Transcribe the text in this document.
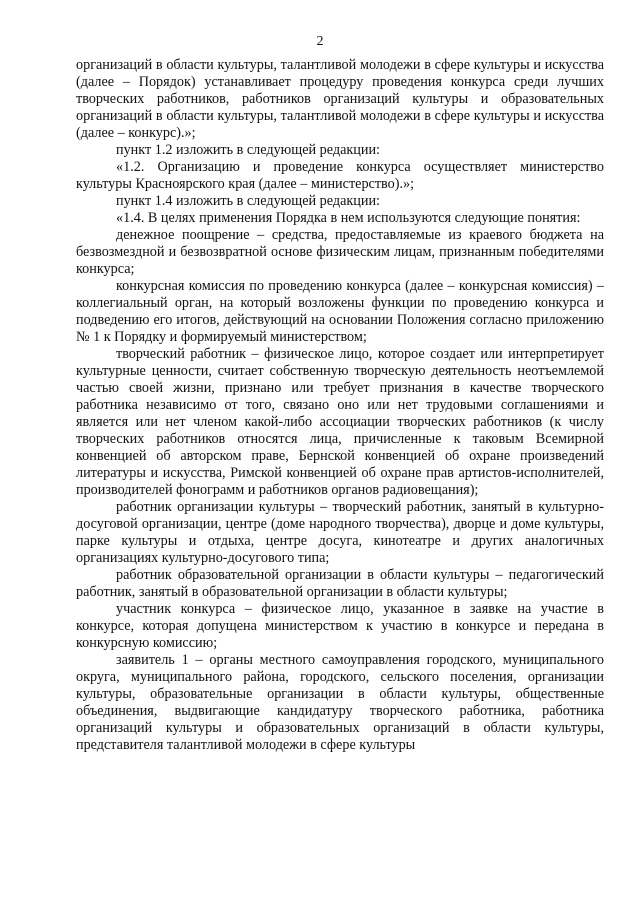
2

организаций в области культуры, талантливой молодежи в сфере культуры и искусства (далее – Порядок) устанавливает процедуру проведения конкурса среди лучших творческих работников, работников организаций культуры и образовательных организаций в области культуры, талантливой молодежи в сфере культуры и искусства (далее – конкурс).»;

пункт 1.2 изложить в следующей редакции:

«1.2. Организацию и проведение конкурса осуществляет министерство культуры Красноярского края (далее – министерство).»;

пункт 1.4 изложить в следующей редакции:

«1.4. В целях применения Порядка в нем используются следующие понятия:

денежное поощрение – средства, предоставляемые из краевого бюджета на безвозмездной и безвозвратной основе физическим лицам, признанным победителями конкурса;

конкурсная комиссия по проведению конкурса (далее – конкурсная комиссия) – коллегиальный орган, на который возложены функции по проведению конкурса и подведению его итогов, действующий на основании Положения согласно приложению № 1 к Порядку и формируемый министерством;

творческий работник – физическое лицо, которое создает или интерпретирует культурные ценности, считает собственную творческую деятельность неотъемлемой частью своей жизни, признано или требует признания в качестве творческого работника независимо от того, связано оно или нет трудовыми соглашениями и является или нет членом какой-либо ассоциации творческих работников (к числу творческих работников относятся лица, причисленные к таковым Всемирной конвенцией об авторском праве, Бернской конвенцией об охране произведений литературы и искусства, Римской конвенцией об охране прав артистов-исполнителей, производителей фонограмм и работников органов радиовещания);

работник организации культуры – творческий работник, занятый в культурно-досуговой организации, центре (доме народного творчества), дворце и доме культуры, парке культуры и отдыха, центре досуга, кинотеатре и других аналогичных организациях культурно-досугового типа;

работник образовательной организации в области культуры – педагогический работник, занятый в образовательной организации в области культуры;

участник конкурса – физическое лицо, указанное в заявке на участие в конкурсе, которая допущена министерством к участию в конкурсе и передана в конкурсную комиссию;

заявитель 1 – органы местного самоуправления городского, муниципального округа, муниципального района, городского, сельского поселения, организации культуры, образовательные организации в области культуры, общественные объединения, выдвигающие кандидатуру творческого работника, работника организаций культуры и образовательных организаций в области культуры, представителя талантливой молодежи в сфере культуры
